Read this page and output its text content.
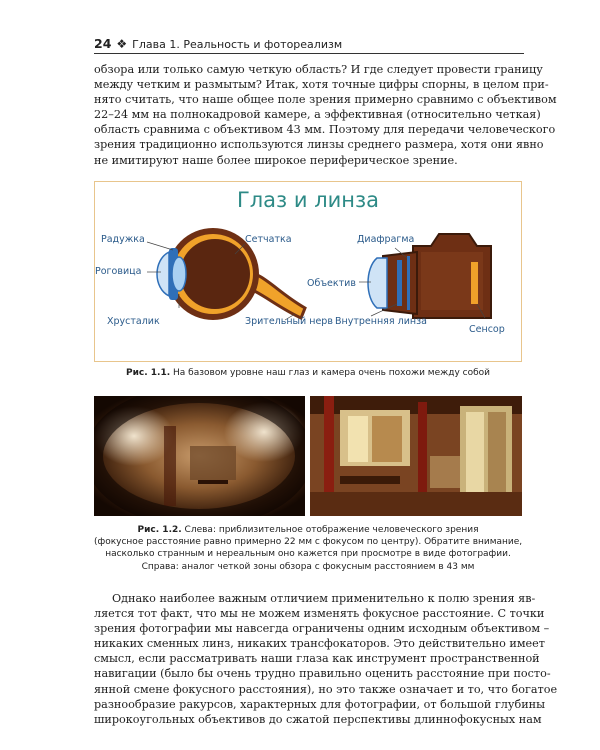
24 ❖ Глава 1. Реальность и фотореализм
обзора или только самую четкую область? И где следует провести границу
между четким и размытым? Итак, хотя точные цифры спорны, в целом при-
нято считать, что наше общее поле зрения примерно сравнимо с объективом
22–24 мм на полнокадровой камере, а эффективная (относительно четкая)
область сравнима с объективом 43 мм. Поэтому для передачи человеческого
зрения традиционно используются линзы среднего размера, хотя они явно
не имитируют наше более широкое периферическое зрение.
Глаз и линза
Радужка
Роговица
Сетчатка
Хрусталик	Зрительный нерв
Диафрагма
Объектив
Внутренняя линза
Сенсор
Рис. 1.1. На базовом уровне наш глаз и камера очень похожи между собой
Рис. 1.2. Слева: приблизительное отображение человеческого зрения
(фокусное расстояние равно примерно 22 мм с фокусом по центру). Обратите внимание,
насколько странным и нереальным оно кажется при просмотре в виде фотографии.
Справа: аналог четкой зоны обзора с фокусным расстоянием в 43 мм
Однако наиболее важным отличием применительно к полю зрения яв-
ляется тот факт, что мы не можем изменять фокусное расстояние. С точки
зрения фотографии мы навсегда ограничены одним исходным объективом –
никаких сменных линз, никаких трансфокаторов. Это действительно имеет
смысл, если рассматривать наши глаза как инструмент пространственной
навигации (было бы очень трудно правильно оценить расстояние при посто-
янной смене фокусного расстояния), но это также означает и то, что богатое
разнообразие ракурсов, характерных для фотографии, от большой глубины
широкоугольных объективов до сжатой перспективы длиннофокусных нам
